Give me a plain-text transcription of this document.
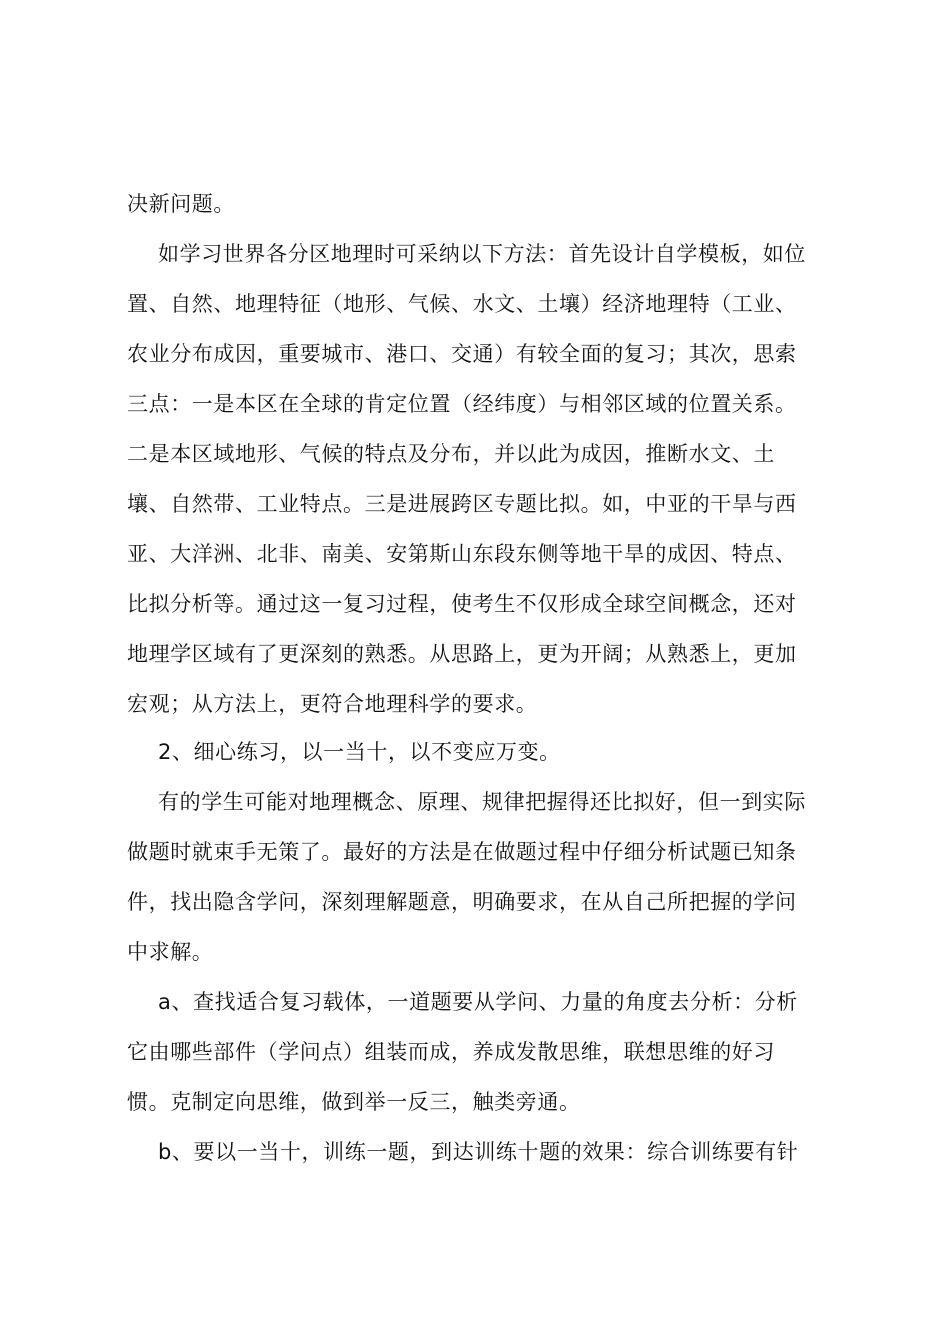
决新问题。
如学习世界各分区地理时可采纳以下方法：首先设计自学模板，如位
置、自然、地理特征（地形、气候、水文、土壤）经济地理特（工业、
农业分布成因，重要城市、港口、交通）有较全面的复习；其次，思索
三点：一是本区在全球的肯定位置（经纬度）与相邻区域的位置关系。
二是本区域地形、气候的特点及分布，并以此为成因，推断水文、土
壤、自然带、工业特点。三是进展跨区专题比拟。如，中亚的干旱与西
亚、大洋洲、北非、南美、安第斯山东段东侧等地干旱的成因、特点、
比拟分析等。通过这一复习过程，使考生不仅形成全球空间概念，还对
地理学区域有了更深刻的熟悉。从思路上，更为开阔；从熟悉上，更加
宏观；从方法上，更符合地理科学的要求。
2、细心练习，以一当十，以不变应万变。
有的学生可能对地理概念、原理、规律把握得还比拟好，但一到实际
做题时就束手无策了。最好的方法是在做题过程中仔细分析试题已知条
件，找出隐含学问，深刻理解题意，明确要求，在从自己所把握的学问
中求解。
a、查找适合复习载体，一道题要从学问、力量的角度去分析：分析
它由哪些部件（学问点）组装而成，养成发散思维，联想思维的好习
惯。克制定向思维，做到举一反三，触类旁通。
b、要以一当十，训练一题，到达训练十题的效果：综合训练要有针
